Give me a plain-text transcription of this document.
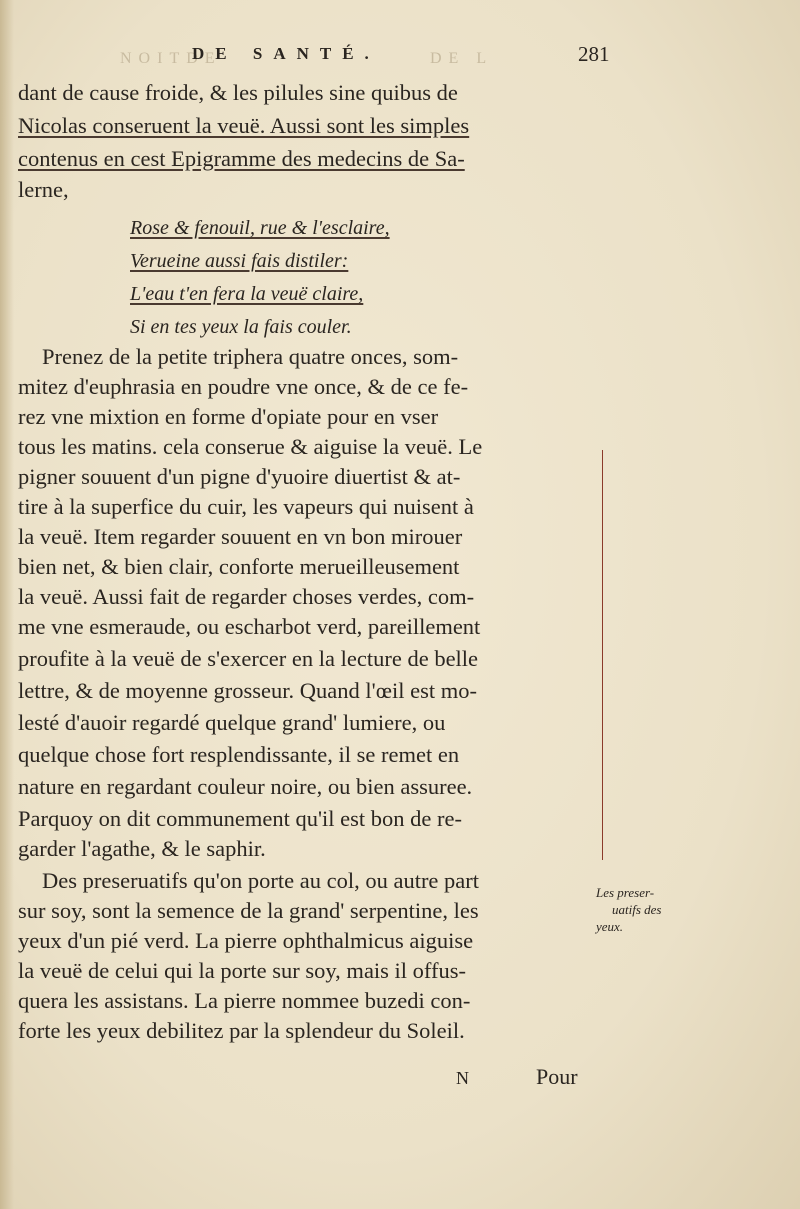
NOITDE
DE SANTÉ.	DE L	281
dant de cause froide, & les pilules sine quibus de
Nicolas conseruent la veuë. Aussi sont les simples
contenus en cest Epigramme des medecins de Sa-
lerne,
Rose & fenouil, rue & l'esclaire,
Verueine aussi fais distiler:
L'eau t'en fera la veuë claire,
Si en tes yeux la fais couler.
Prenez de la petite triphera quatre onces, som-
mitez d'euphrasia en poudre vne once, & de ce fe-
rez vne mixtion en forme d'opiate pour en vser
tous les matins. cela conserue & aiguise la veuë. Le
pigner souuent d'un pigne d'yuoire diuertist & at-
tire à la superfice du cuir, les vapeurs qui nuisent à
la veuë. Item regarder souuent en vn bon mirouer
bien net, & bien clair, conforte merueilleusement
la veuë. Aussi fait de regarder choses verdes, com-
me vne esmeraude, ou escharbot verd, pareillement
proufite à la veuë de s'exercer en la lecture de belle
lettre, & de moyenne grosseur. Quand l'œil est mo-
lesté d'auoir regardé quelque grand' lumiere, ou
quelque chose fort resplendissante, il se remet en
nature en regardant couleur noire, ou bien assuree.
Parquoy on dit communement qu'il est bon de re-
garder l'agathe, & le saphir.
Des preseruatifs qu'on porte au col, ou autre part
sur soy, sont la semence de la grand' serpentine, les
yeux d'un pié verd. La pierre ophthalmicus aiguise
la veuë de celui qui la porte sur soy, mais il offus-
quera les assistans. La pierre nommee buzedi con-
forte les yeux debilitez par la splendeur du Soleil.
Les preser-
uatifs des
yeux.
N	Pour
